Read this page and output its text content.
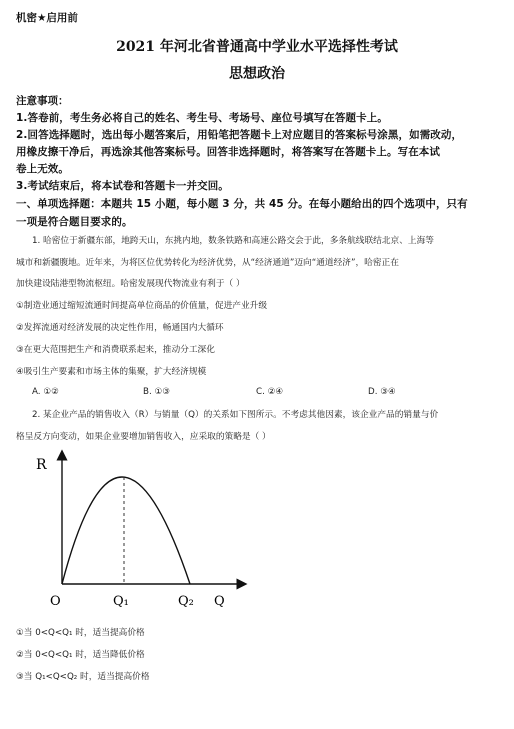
机密★启用前
2021 年河北省普通高中学业水平选择性考试
思想政治
注意事项：
1.答卷前，考生务必将自己的姓名、考生号、考场号、座位号填写在答题卡上。
2.回答选择题时，选出每小题答案后，用铅笔把答题卡上对应题目的答案标号涂黑，如需改动，
用橡皮擦干净后，再选涂其他答案标号。回答非选择题时，将答案写在答题卡上。写在本试
卷上无效。
3.考试结束后，将本试卷和答题卡一并交回。
一、单项选择题：本题共 15 小题，每小题 3 分，共 45 分。在每小题给出的四个选项中，只有
一项是符合题目要求的。
1. 哈密位于新疆东部，地跨天山，东挑内地，数条铁路和高速公路交会于此，多条航线联结北京、上海等
城市和新疆腹地。近年来，为将区位优势转化为经济优势，从“经济通道”迈向“通道经济”，哈密正在
加快建设陆港型物流枢纽。哈密发展现代物流业有利于（ ）
①制造业通过缩短流通时间提高单位商品的价值量，促进产业升级
②发挥流通对经济发展的决定性作用，畅通国内大循环
③在更大范围把生产和消费联系起来，推动分工深化
④吸引生产要素和市场主体的集聚，扩大经济规模
A. ①②	B. ①③	C. ②④	D. ③④
2. 某企业产品的销售收入（R）与销量（Q）的关系如下图所示。不考虑其他因素，该企业产品的销量与价
格呈反方向变动，如果企业要增加销售收入，应采取的策略是（ ）
R
O	Q₁	Q₂ Q
①当 0<Q<Q₁ 时，适当提高价格
②当 0<Q<Q₁ 时，适当降低价格
③当 Q₁<Q<Q₂ 时，适当提高价格
